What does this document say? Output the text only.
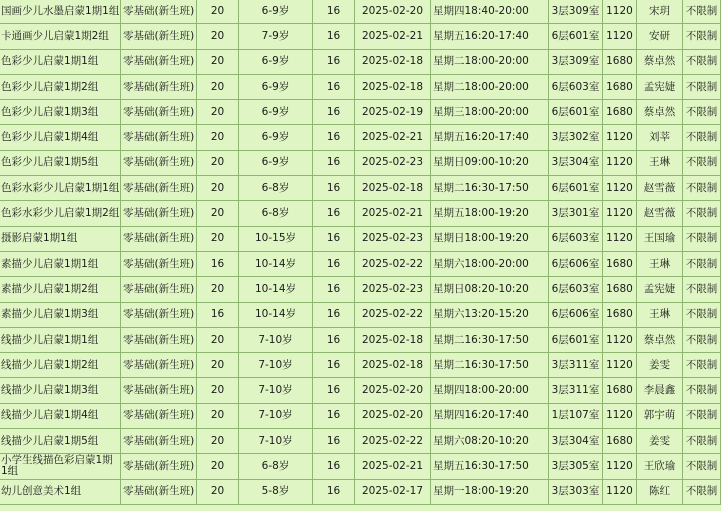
国画少儿水墨启蒙1期1组	零基础(新生班)	20	6-9岁	16	2025-02-20	星期四18:40-20:00	3层309室	1120	宋玥	不限制
卡通画少儿启蒙1期2组	零基础(新生班)	20	7-9岁	16	2025-02-21	星期五16:20-17:40	6层601室	1120	安研	不限制
色彩少儿启蒙1期1组	零基础(新生班)	20	6-9岁	16	2025-02-18	星期二18:00-20:00	3层309室	1680	蔡卓然	不限制
色彩少儿启蒙1期2组	零基础(新生班)	20	6-9岁	16	2025-02-18	星期二18:00-20:00	6层603室	1680	孟宪婕	不限制
色彩少儿启蒙1期3组	零基础(新生班)	20	6-9岁	16	2025-02-19	星期三18:00-20:00	6层601室	1680	蔡卓然	不限制
色彩少儿启蒙1期4组	零基础(新生班)	20	6-9岁	16	2025-02-21	星期五16:20-17:40	3层302室	1120	刘莘	不限制
色彩少儿启蒙1期5组	零基础(新生班)	20	6-9岁	16	2025-02-23	星期日09:00-10:20	3层304室	1120	王琳	不限制
色彩水彩少儿启蒙1期1组	零基础(新生班)	20	6-8岁	16	2025-02-18	星期二16:30-17:50	6层601室	1120	赵雪薇	不限制
色彩水彩少儿启蒙1期2组	零基础(新生班)	20	6-8岁	16	2025-02-21	星期五18:00-19:20	3层301室	1120	赵雪薇	不限制
摄影启蒙1期1组	零基础(新生班)	20	10-15岁	16	2025-02-23	星期日18:00-19:20	6层603室	1120	王国瑜	不限制
素描少儿启蒙1期1组	零基础(新生班)	16	10-14岁	16	2025-02-22	星期六18:00-20:00	6层606室	1680	王琳	不限制
素描少儿启蒙1期2组	零基础(新生班)	20	10-14岁	16	2025-02-23	星期日08:20-10:20	6层603室	1680	孟宪婕	不限制
素描少儿启蒙1期3组	零基础(新生班)	16	10-14岁	16	2025-02-22	星期六13:20-15:20	6层606室	1680	王琳	不限制
线描少儿启蒙1期1组	零基础(新生班)	20	7-10岁	16	2025-02-18	星期二16:30-17:50	6层601室	1120	蔡卓然	不限制
线描少儿启蒙1期2组	零基础(新生班)	20	7-10岁	16	2025-02-18	星期二16:30-17:50	3层311室	1120	姜雯	不限制
线描少儿启蒙1期3组	零基础(新生班)	20	7-10岁	16	2025-02-20	星期四18:00-20:00	3层311室	1680	李晨鑫	不限制
线描少儿启蒙1期4组	零基础(新生班)	20	7-10岁	16	2025-02-20	星期四16:20-17:40	1层107室	1120	郭宇萌	不限制
线描少儿启蒙1期5组	零基础(新生班)	20	7-10岁	16	2025-02-22	星期六08:20-10:20	3层304室	1680	姜雯	不限制
小学生线描色彩启蒙1期1组	零基础(新生班)	20	6-8岁	16	2025-02-21	星期五16:30-17:50	3层305室	1120	王欣瑜	不限制
幼儿创意美术1组	零基础(新生班)	20	5-8岁	16	2025-02-17	星期一18:00-19:20	3层303室	1120	陈红	不限制
